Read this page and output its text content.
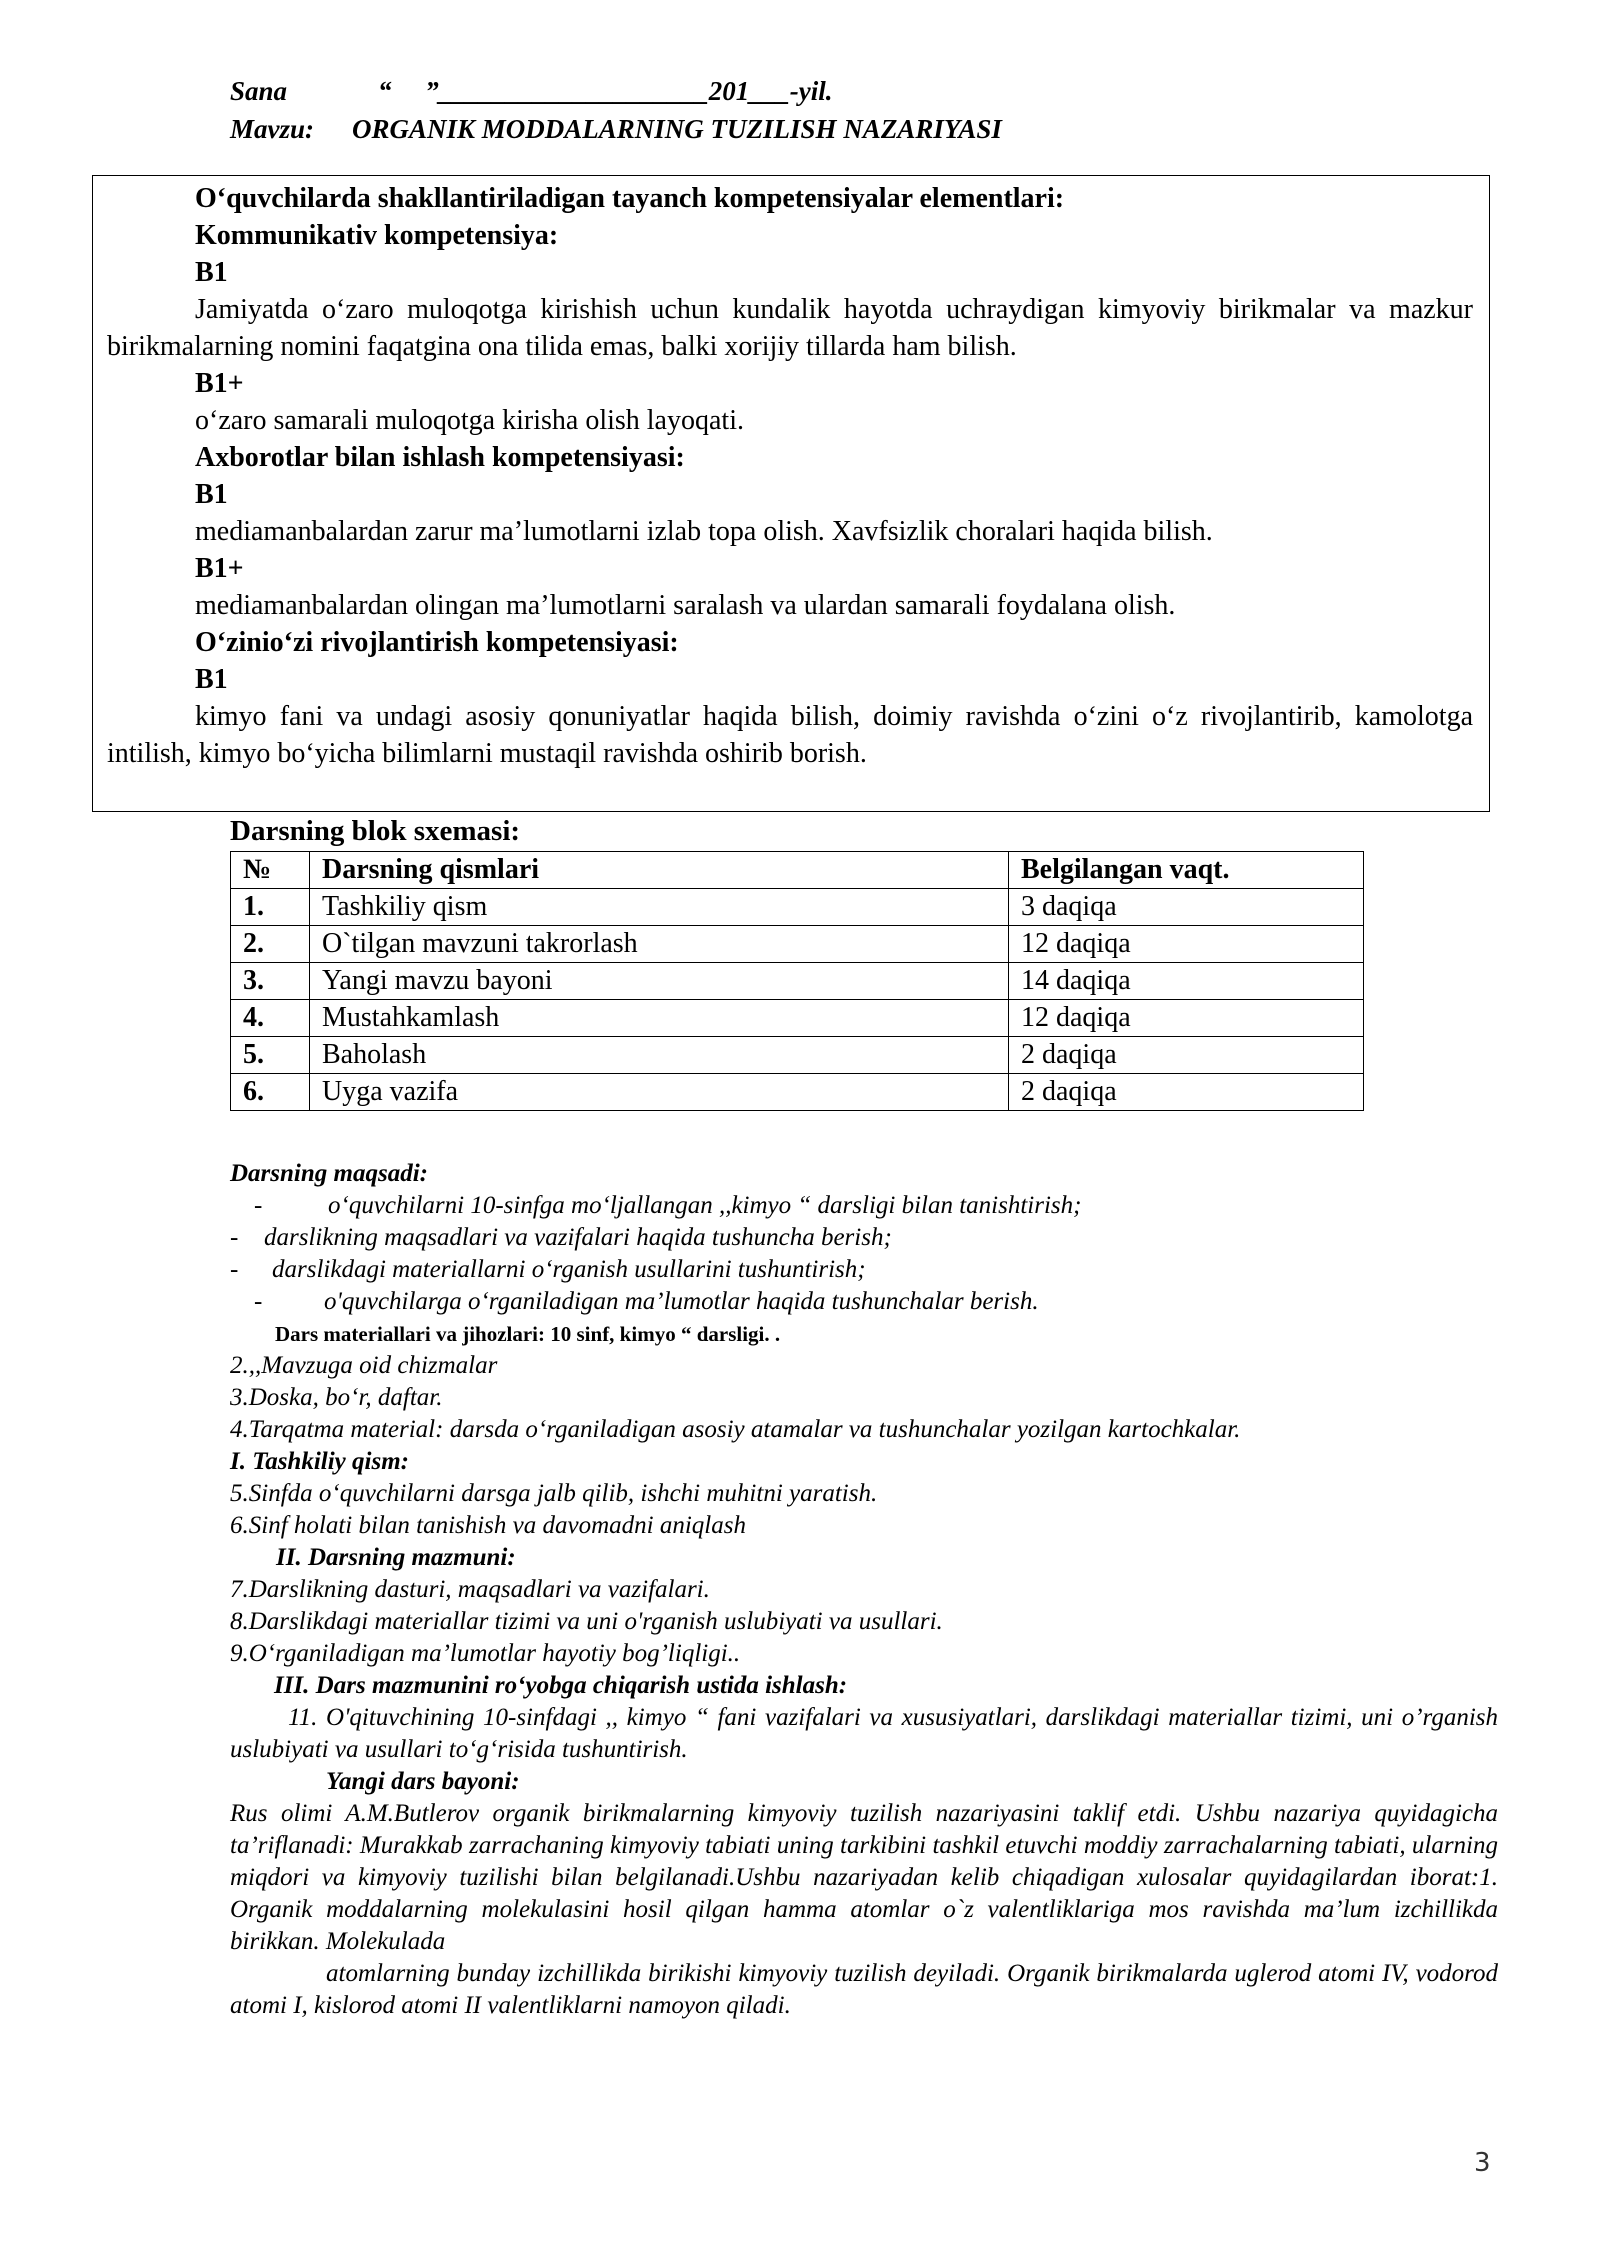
Sana	“     ”____________________201___-yil.
Mavzu: ORGANIK MODDALARNING TUZILISH NAZARIYASI

O‘quvchilarda shakllantiriladigan tayanch kompetensiyalar elementlari:

Kommunikativ kompetensiya:

B1

Jamiyatda o‘zaro muloqotga kirishish uchun kundalik hayotda uchraydigan kimyoviy birikmalar va mazkur birikmalarning nomini faqatgina ona tilida emas, balki xorijiy tillarda ham bilish.

B1+

o‘zaro samarali muloqotga kirisha olish layoqati.

Axborotlar bilan ishlash kompetensiyasi:

B1

mediamanbalardan zarur ma’lumotlarni izlab topa olish. Xavfsizlik choralari haqida bilish.

B1+

mediamanbalardan olingan ma’lumotlarni saralash va ulardan samarali foydalana olish.

O‘zinio‘zi rivojlantirish kompetensiyasi:

B1

kimyo fani va undagi asosiy qonuniyatlar haqida bilish, doimiy ravishda o‘zini o‘z rivojlantirib, kamolotga intilish, kimyo bo‘yicha bilimlarni mustaqil ravishda oshirib borish.

Darsning blok sxemasi:
№	Darsning qismlari	Belgilangan vaqt.
1.	Tashkiliy qism	3 daqiqa
2.	O`tilgan mavzuni takrorlash	12 daqiqa
3.	Yangi mavzu bayoni	14 daqiqa
4.	Mustahkamlash	12 daqiqa
5.	Baholash	2 daqiqa
6.	Uyga vazifa	2 daqiqa

Darsning maqsadi:

-	o‘quvchilarni 10-sinfga mo‘ljallangan ,,kimyo “ darsligi bilan tanishtirish;

- darslikning maqsadlari va vazifalari haqida tushuncha berish;

- darslikdagi materiallarni o‘rganish usullarini tushuntirish;

- o'quvchilarga o‘rganiladigan ma’lumotlar haqida tushunchalar berish.

Dars materiallari va jihozlari: 10 sinf, kimyo “ darsligi. .

2.,,Mavzuga oid chizmalar

3.Doska, bo‘r, daftar.

4.Tarqatma material: darsda o‘rganiladigan asosiy atamalar va tushunchalar yozilgan kartochkalar.

I. Tashkiliy qism:

5.Sinfda o‘quvchilarni darsga jalb qilib, ishchi muhitni yaratish.

6.Sinf holati bilan tanishish va davomadni aniqlash

II. Darsning mazmuni:

7.Darslikning dasturi, maqsadlari va vazifalari.

8.Darslikdagi materiallar tizimi va uni o'rganish uslubiyati va usullari.

9.O‘rganiladigan ma’lumotlar hayotiy bog’liqligi..

III. Dars mazmunini ro‘yobga chiqarish ustida ishlash:

11. O'qituvchining 10-sinfdagi ,, kimyo “ fani vazifalari va xususiyatlari, darslikdagi materiallar tizimi, uni o’rganish uslubiyati va usullari to‘g‘risida tushuntirish.

Yangi dars bayoni:

Rus olimi A.M.Butlerov organik birikmalarning kimyoviy tuzilish nazariyasini taklif etdi. Ushbu nazariya quyidagicha ta’riflanadi: Murakkab zarrachaning kimyoviy tabiati uning tarkibini tashkil etuvchi moddiy zarrachalarning tabiati, ularning miqdori va kimyoviy tuzilishi bilan belgilanadi.Ushbu nazariyadan kelib chiqadigan xulosalar quyidagilardan iborat:1. Organik moddalarning molekulasini hosil qilgan hamma atomlar o`z valentliklariga mos ravishda ma’lum izchillikda birikkan. Molekulada

atomlarning bunday izchillikda birikishi kimyoviy tuzilish deyiladi. Organik birikmalarda uglerod atomi IV, vodorod atomi I, kislorod atomi II valentliklarni namoyon qiladi.

3
